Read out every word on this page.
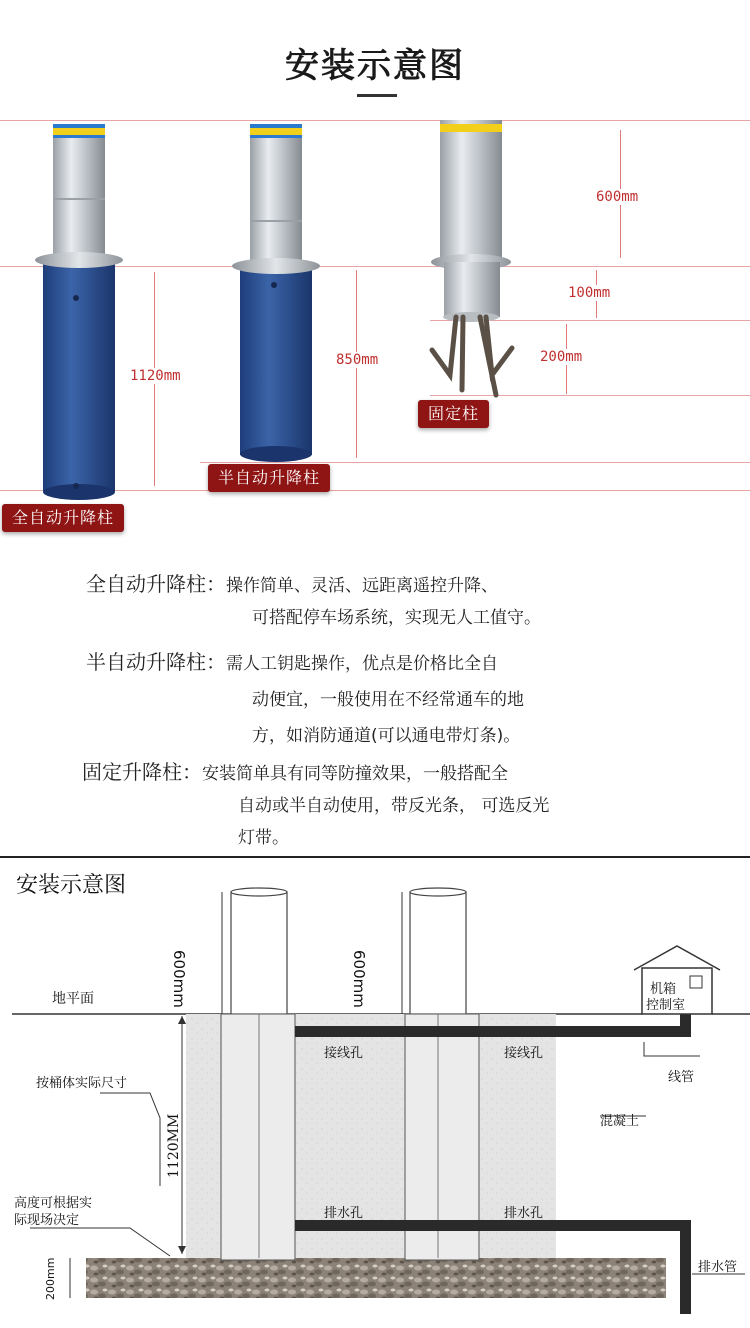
安装示意图
600mm
100mm
200mm
1120mm
850mm
全自动升降柱
半自动升降柱
固定柱
全自动升降柱：操作简单、灵活、远距离遥控升降、
可搭配停车场系统，实现无人工值守。
半自动升降柱：需人工钥匙操作，优点是价格比全自
动便宜，一般使用在不经常通车的地
方，如消防通道(可以通电带灯条)。
固定升降柱：安装简单具有同等防撞效果，一般搭配全
自动或半自动使用，带反光条， 可选反光
灯带。
安装示意图
地平面	600mm	600mm
1120MM
200mm
机箱
控制室
接线孔	接线孔
线管
混凝土
排水孔	排水孔
排水管
按桶体实际尺寸
高度可根据实
际现场决定
